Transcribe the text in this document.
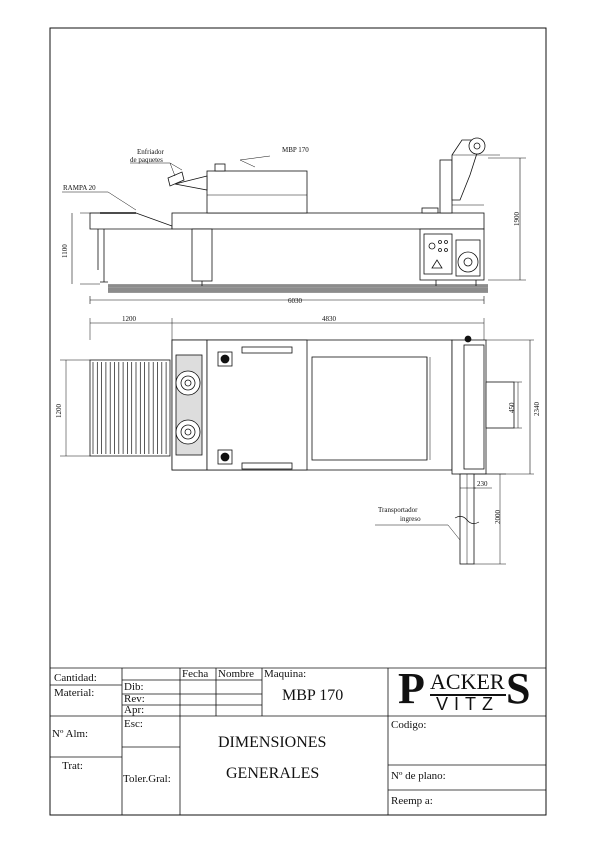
Enfriador
de paquetes
MBP 170
RAMPA 20
Transportador
ingreso
1900
1100
6030
1200	4830
1200	2340
450
230
2000
Cantidad:
Material:
Fecha Nombre Maquina:
MBP 170
Dib:
Rev:
Apr:
Nº Alm:
Esc:
Trat:
Toler.Gral:
DIMENSIONES
GENERALES
Codigo:
Nº de plano:
Reemp a:
P ACKER S
VITZ
